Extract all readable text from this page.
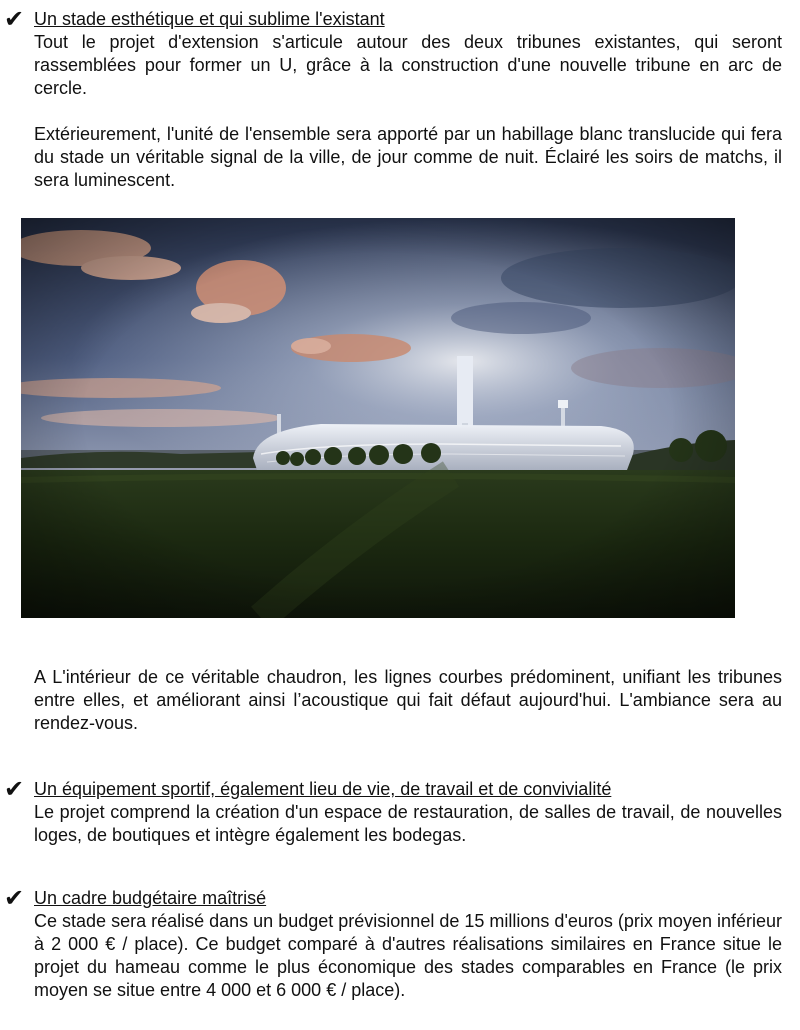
✔ Un stade esthétique et qui sublime l'existant

Tout le projet d'extension s'articule autour des deux tribunes existantes, qui seront rassemblées pour former un U, grâce à la construction d'une nouvelle tribune en arc de cercle.

Extérieurement, l'unité de l'ensemble sera apporté par un habillage blanc translucide qui fera du stade un véritable signal de la ville, de jour comme de nuit. Éclairé les soirs de matchs, il sera luminescent.

A L'intérieur de ce véritable chaudron, les lignes courbes prédominent, unifiant les tribunes entre elles, et améliorant ainsi l’acoustique qui fait défaut aujourd'hui. L'ambiance sera au rendez-vous.

✔ Un équipement sportif, également lieu de vie, de travail et de convivialité

Le projet comprend la création d'un espace de restauration, de salles de travail, de nouvelles loges, de boutiques et intègre également les bodegas.

✔ Un cadre budgétaire maîtrisé

Ce stade sera réalisé dans un budget prévisionnel de 15 millions d'euros (prix moyen inférieur à 2 000 € / place). Ce budget comparé à d'autres réalisations similaires en France situe le projet du hameau comme le plus économique des stades comparables en France (le prix moyen se situe entre 4 000 et 6 000 € / place).
